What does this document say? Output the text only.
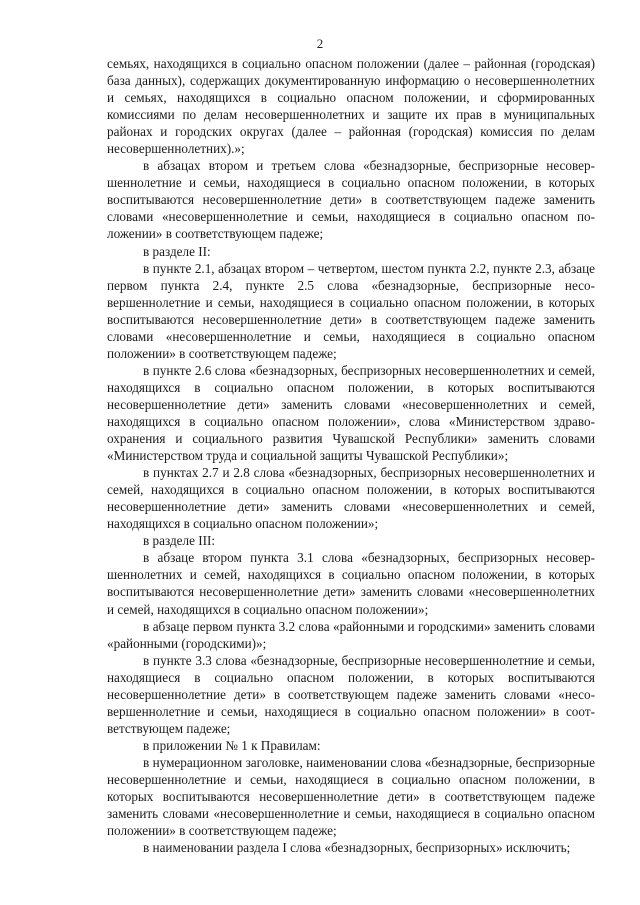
2

семьях, находящихся в социально опасном положении (далее – районная (городская) база данных), содержащих документированную информацию о несовершеннолетних и семьях, находящихся в социально опасном положении, и сформированных комиссиями по делам несовершеннолетних и защите их прав в муниципальных районах и городских округах (далее – районная (городская) комиссия по делам несовершеннолетних).»;

в абзацах втором и третьем слова «безнадзорные, беспризорные несовершеннолетние и семьи, находящиеся в социально опасном положении, в которых воспитываются несовершеннолетние дети» в соответствующем падеже заменить словами «несовершеннолетние и семьи, находящиеся в социально опасном положении» в соответствующем падеже;

в разделе II:

в пункте 2.1, абзацах втором – четвертом, шестом пункта 2.2, пункте 2.3, абзаце первом пункта 2.4, пункте 2.5 слова «безнадзорные, беспризорные несовершеннолетние и семьи, находящиеся в социально опасном положении, в которых воспитываются несовершеннолетние дети» в соответствующем падеже заменить словами «несовершеннолетние и семьи, находящиеся в социально опасном положении» в соответствующем падеже;

в пункте 2.6 слова «безнадзорных, беспризорных несовершеннолетних и семей, находящихся в социально опасном положении, в которых воспитываются несовершеннолетние дети» заменить словами «несовершеннолетних и семей, находящихся в социально опасном положении», слова «Министерством здравоохранения и социального развития Чувашской Республики» заменить словами «Министерством труда и социальной защиты Чувашской Республики»;

в пунктах 2.7 и 2.8 слова «безнадзорных, беспризорных несовершеннолетних и семей, находящихся в социально опасном положении, в которых воспитываются несовершеннолетние дети» заменить словами «несовершеннолетних и семей, находящихся в социально опасном положении»;

в разделе III:

в абзаце втором пункта 3.1 слова «безнадзорных, беспризорных несовершеннолетних и семей, находящихся в социально опасном положении, в которых воспитываются несовершеннолетние дети» заменить словами «несовершеннолетних и семей, находящихся в социально опасном положении»;

в абзаце первом пункта 3.2 слова «районными и городскими» заменить словами «районными (городскими)»;

в пункте 3.3 слова «безнадзорные, беспризорные несовершеннолетние и семьи, находящиеся в социально опасном положении, в которых воспитываются несовершеннолетние дети» в соответствующем падеже заменить словами «несовершеннолетние и семьи, находящиеся в социально опасном положении» в соответствующем падеже;

в приложении № 1 к Правилам:

в нумерационном заголовке, наименовании слова «безнадзорные, беспризорные несовершеннолетние и семьи, находящиеся в социально опасном положении, в которых воспитываются несовершеннолетние дети» в соответствующем падеже заменить словами «несовершеннолетние и семьи, находящиеся в социально опасном положении» в соответствующем падеже;

в наименовании раздела I слова «безнадзорных, беспризорных» исключить;
